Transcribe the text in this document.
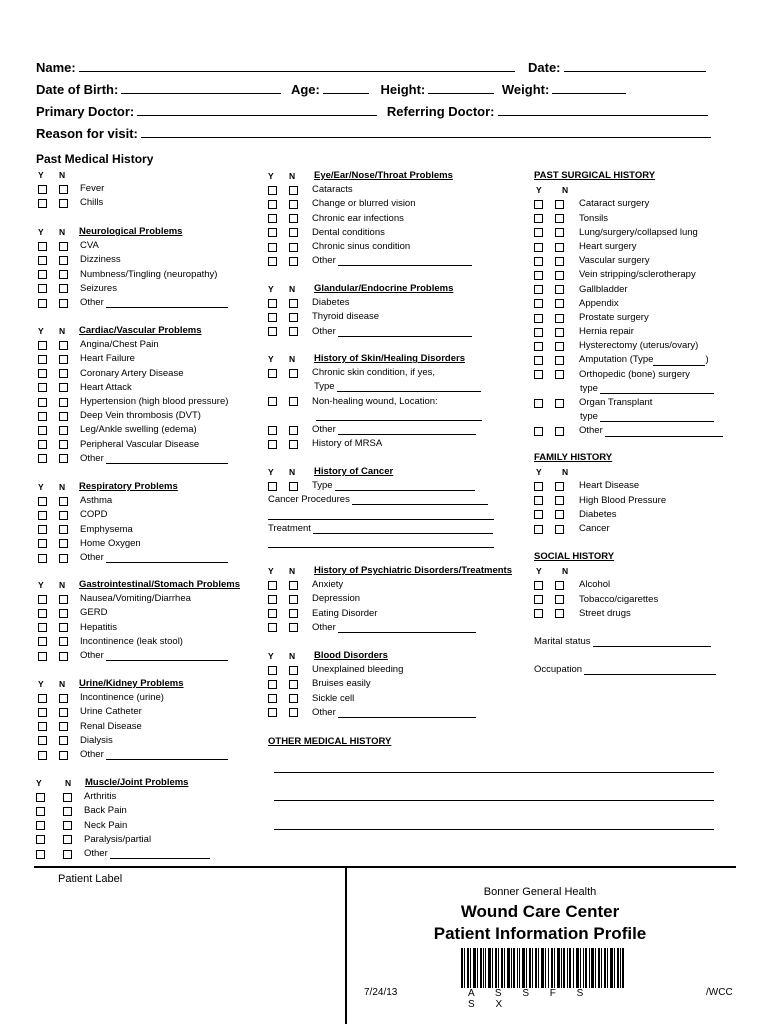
Name:	Date:
Date of Birth:	Age:	Height:	Weight:
Primary Doctor:	Referring Doctor:
Reason for visit:
Past Medical History
Y	N
Fever
Chills
Y	N	Neurological Problems
CVA
Dizziness
Numbness/Tingling (neuropathy)
Seizures
Other
Y	N	Cardiac/Vascular Problems
Angina/Chest Pain
Heart Failure
Coronary Artery Disease
Heart Attack
Hypertension (high blood pressure)
Deep Vein thrombosis (DVT)
Leg/Ankle swelling (edema)
Peripheral Vascular Disease
Other
Y	N	Respiratory Problems
Asthma
COPD
Emphysema
Home Oxygen
Other
Y	N	Gastrointestinal/Stomach Problems
Nausea/Vomiting/Diarrhea
GERD
Hepatitis
Incontinence (leak stool)
Other
Y	N	Urine/Kidney Problems
Incontinence (urine)
Urine Catheter
Renal Disease
Dialysis
Other
Y	N	Muscle/Joint Problems
Arthritis
Back Pain
Neck Pain
Paralysis/partial
Other
Y	N	Eye/Ear/Nose/Throat Problems
Cataracts
Change or blurred vision
Chronic ear infections
Dental conditions
Chronic sinus condition
Other
Y	N	Glandular/Endocrine Problems
Diabetes
Thyroid disease
Other
Y	N	History of Skin/Healing Disorders
Chronic skin condition, if yes,
Type
Non-healing wound, Location:
Other
History of MRSA
Y	N	History of Cancer
Type
Cancer Procedures
Treatment
Y	N	History of Psychiatric Disorders/Treatments
Anxiety
Depression
Eating Disorder
Other
Y	N	Blood Disorders
Unexplained bleeding
Bruises easily
Sickle cell
Other
OTHER MEDICAL HISTORY
PAST SURGICAL HISTORY
Y	N
Cataract surgery
Tonsils
Lung/surgery/collapsed lung
Heart surgery
Vascular surgery
Vein stripping/sclerotherapy
Gallbladder
Appendix
Prostate surgery
Hernia repair
Hysterectomy (uterus/ovary)
Amputation (Type	)
Orthopedic (bone) surgery
type
Organ Transplant
type
Other
FAMILY HISTORY
Y	N
Heart Disease
High Blood Pressure
Diabetes
Cancer
SOCIAL HISTORY
Y	N
Alcohol
Tobacco/cigarettes
Street drugs
Marital status
Occupation
Patient Label
Bonner General Health
Wound Care Center
Patient Information Profile
7/24/13	A S S F S S X
/WCC
